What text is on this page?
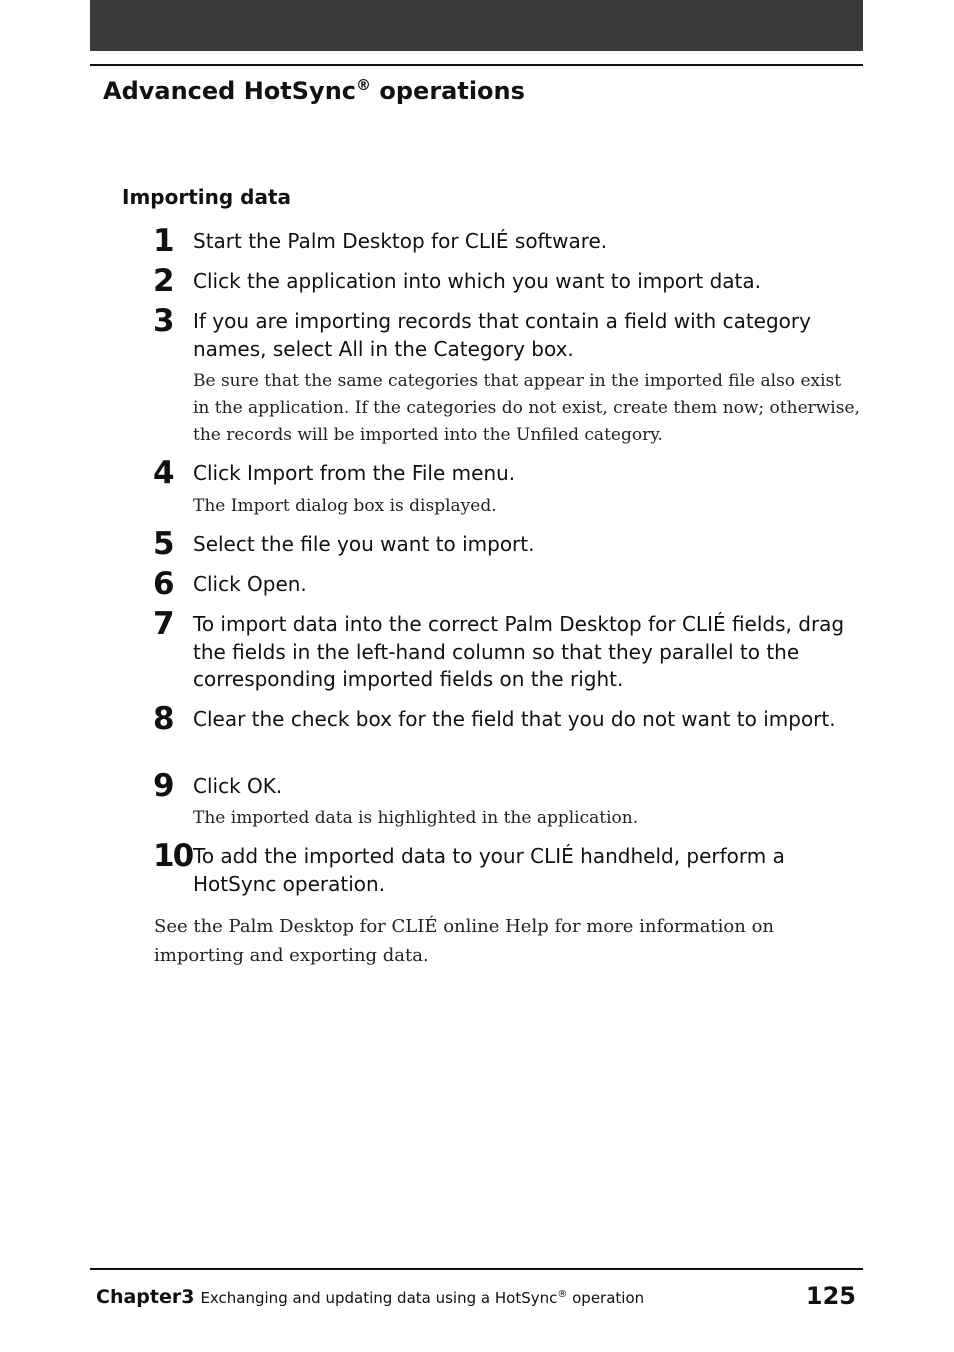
Advanced HotSync® operations
Importing data
1 Start the Palm Desktop for CLIÉ software.
2 Click the application into which you want to import data.
3 If you are importing records that contain a field with category names, select All in the Category box.
Be sure that the same categories that appear in the imported file also exist in the application. If the categories do not exist, create them now; otherwise, the records will be imported into the Unfiled category.
4 Click Import from the File menu.
The Import dialog box is displayed.
5 Select the file you want to import.
6 Click Open.
7 To import data into the correct Palm Desktop for CLIÉ fields, drag the fields in the left-hand column so that they parallel to the corresponding imported fields on the right.
8 Clear the check box for the field that you do not want to import.
9 Click OK.
The imported data is highlighted in the application.
10 To add the imported data to your CLIÉ handheld, perform a HotSync operation.
See the Palm Desktop for CLIÉ online Help for more information on importing and exporting data.
Chapter3 Exchanging and updating data using a HotSync® operation	125
